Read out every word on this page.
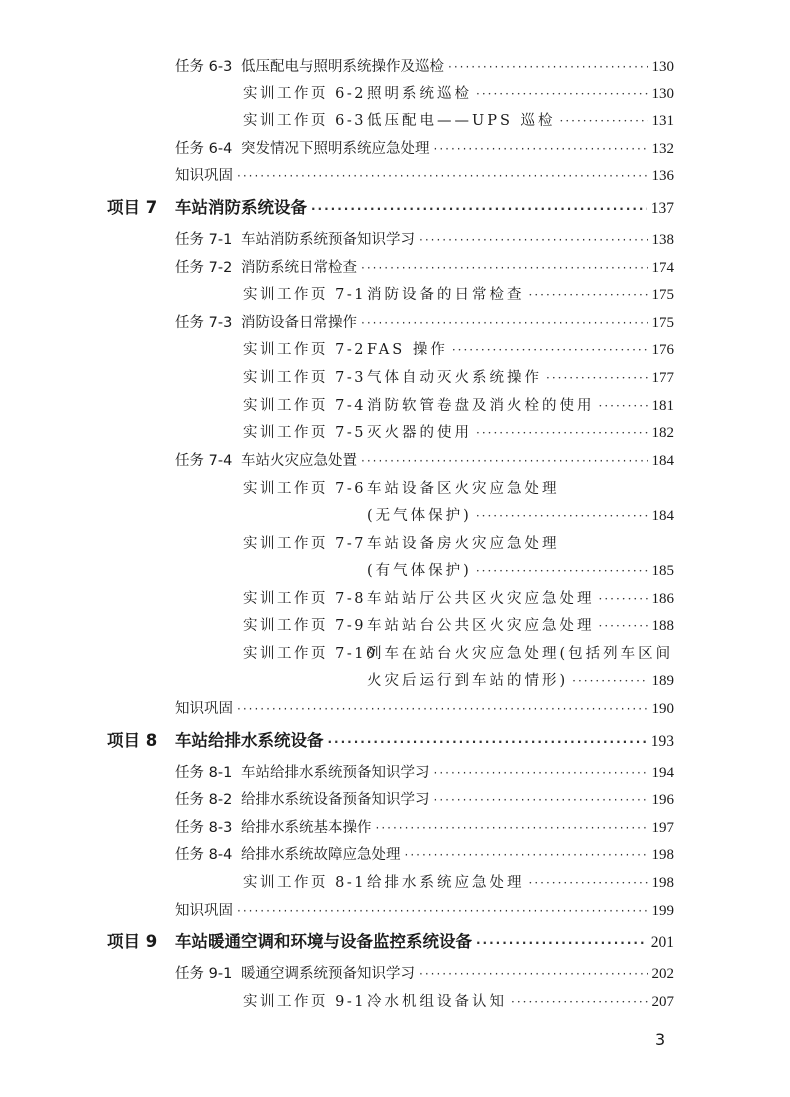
任务 6-3 低压配电与照明系统操作及巡检 ·····	130
实训工作页 6-2 照明系统巡检 ·····	130
实训工作页 6-3 低压配电——UPS 巡检 ·····	131
任务 6-4 突发情况下照明系统应急处理 ·····	132
知识巩固 ·····	136
项目 7	车站消防系统设备 ·····	137
任务 7-1 车站消防系统预备知识学习 ·····	138
任务 7-2 消防系统日常检查 ·····	174
实训工作页 7-1 消防设备的日常检查 ·····	175
任务 7-3 消防设备日常操作 ·····	175
实训工作页 7-2 FAS 操作 ·····	176
实训工作页 7-3 气体自动灭火系统操作 ·····	177
实训工作页 7-4 消防软管卷盘及消火栓的使用 ·····	181
实训工作页 7-5 灭火器的使用 ·····	182
任务 7-4 车站火灾应急处置 ·····	184
实训工作页 7-6 车站设备区火灾应急处理
(无气体保护) ·····	184
实训工作页 7-7 车站设备房火灾应急处理
(有气体保护) ·····	185
实训工作页 7-8 车站站厅公共区火灾应急处理 ·····	186
实训工作页 7-9 车站站台公共区火灾应急处理 ·····	188
实训工作页 7-10
列车在站台火灾应急处理(包括列车区间
火灾后运行到车站的情形) ·····	189
知识巩固 ·····	190
项目 8	车站给排水系统设备 ·····	193
任务 8-1 车站给排水系统预备知识学习 ·····	194
任务 8-2 给排水系统设备预备知识学习 ·····	196
任务 8-3 给排水系统基本操作 ·····	197
任务 8-4 给排水系统故障应急处理 ·····	198
实训工作页 8-1 给排水系统应急处理 ·····	198
知识巩固 ·····	199
项目 9	车站暖通空调和环境与设备监控系统设备 ·····	201
任务 9-1 暖通空调系统预备知识学习 ·····	202
实训工作页 9-1 冷水机组设备认知 ·····	207
3
